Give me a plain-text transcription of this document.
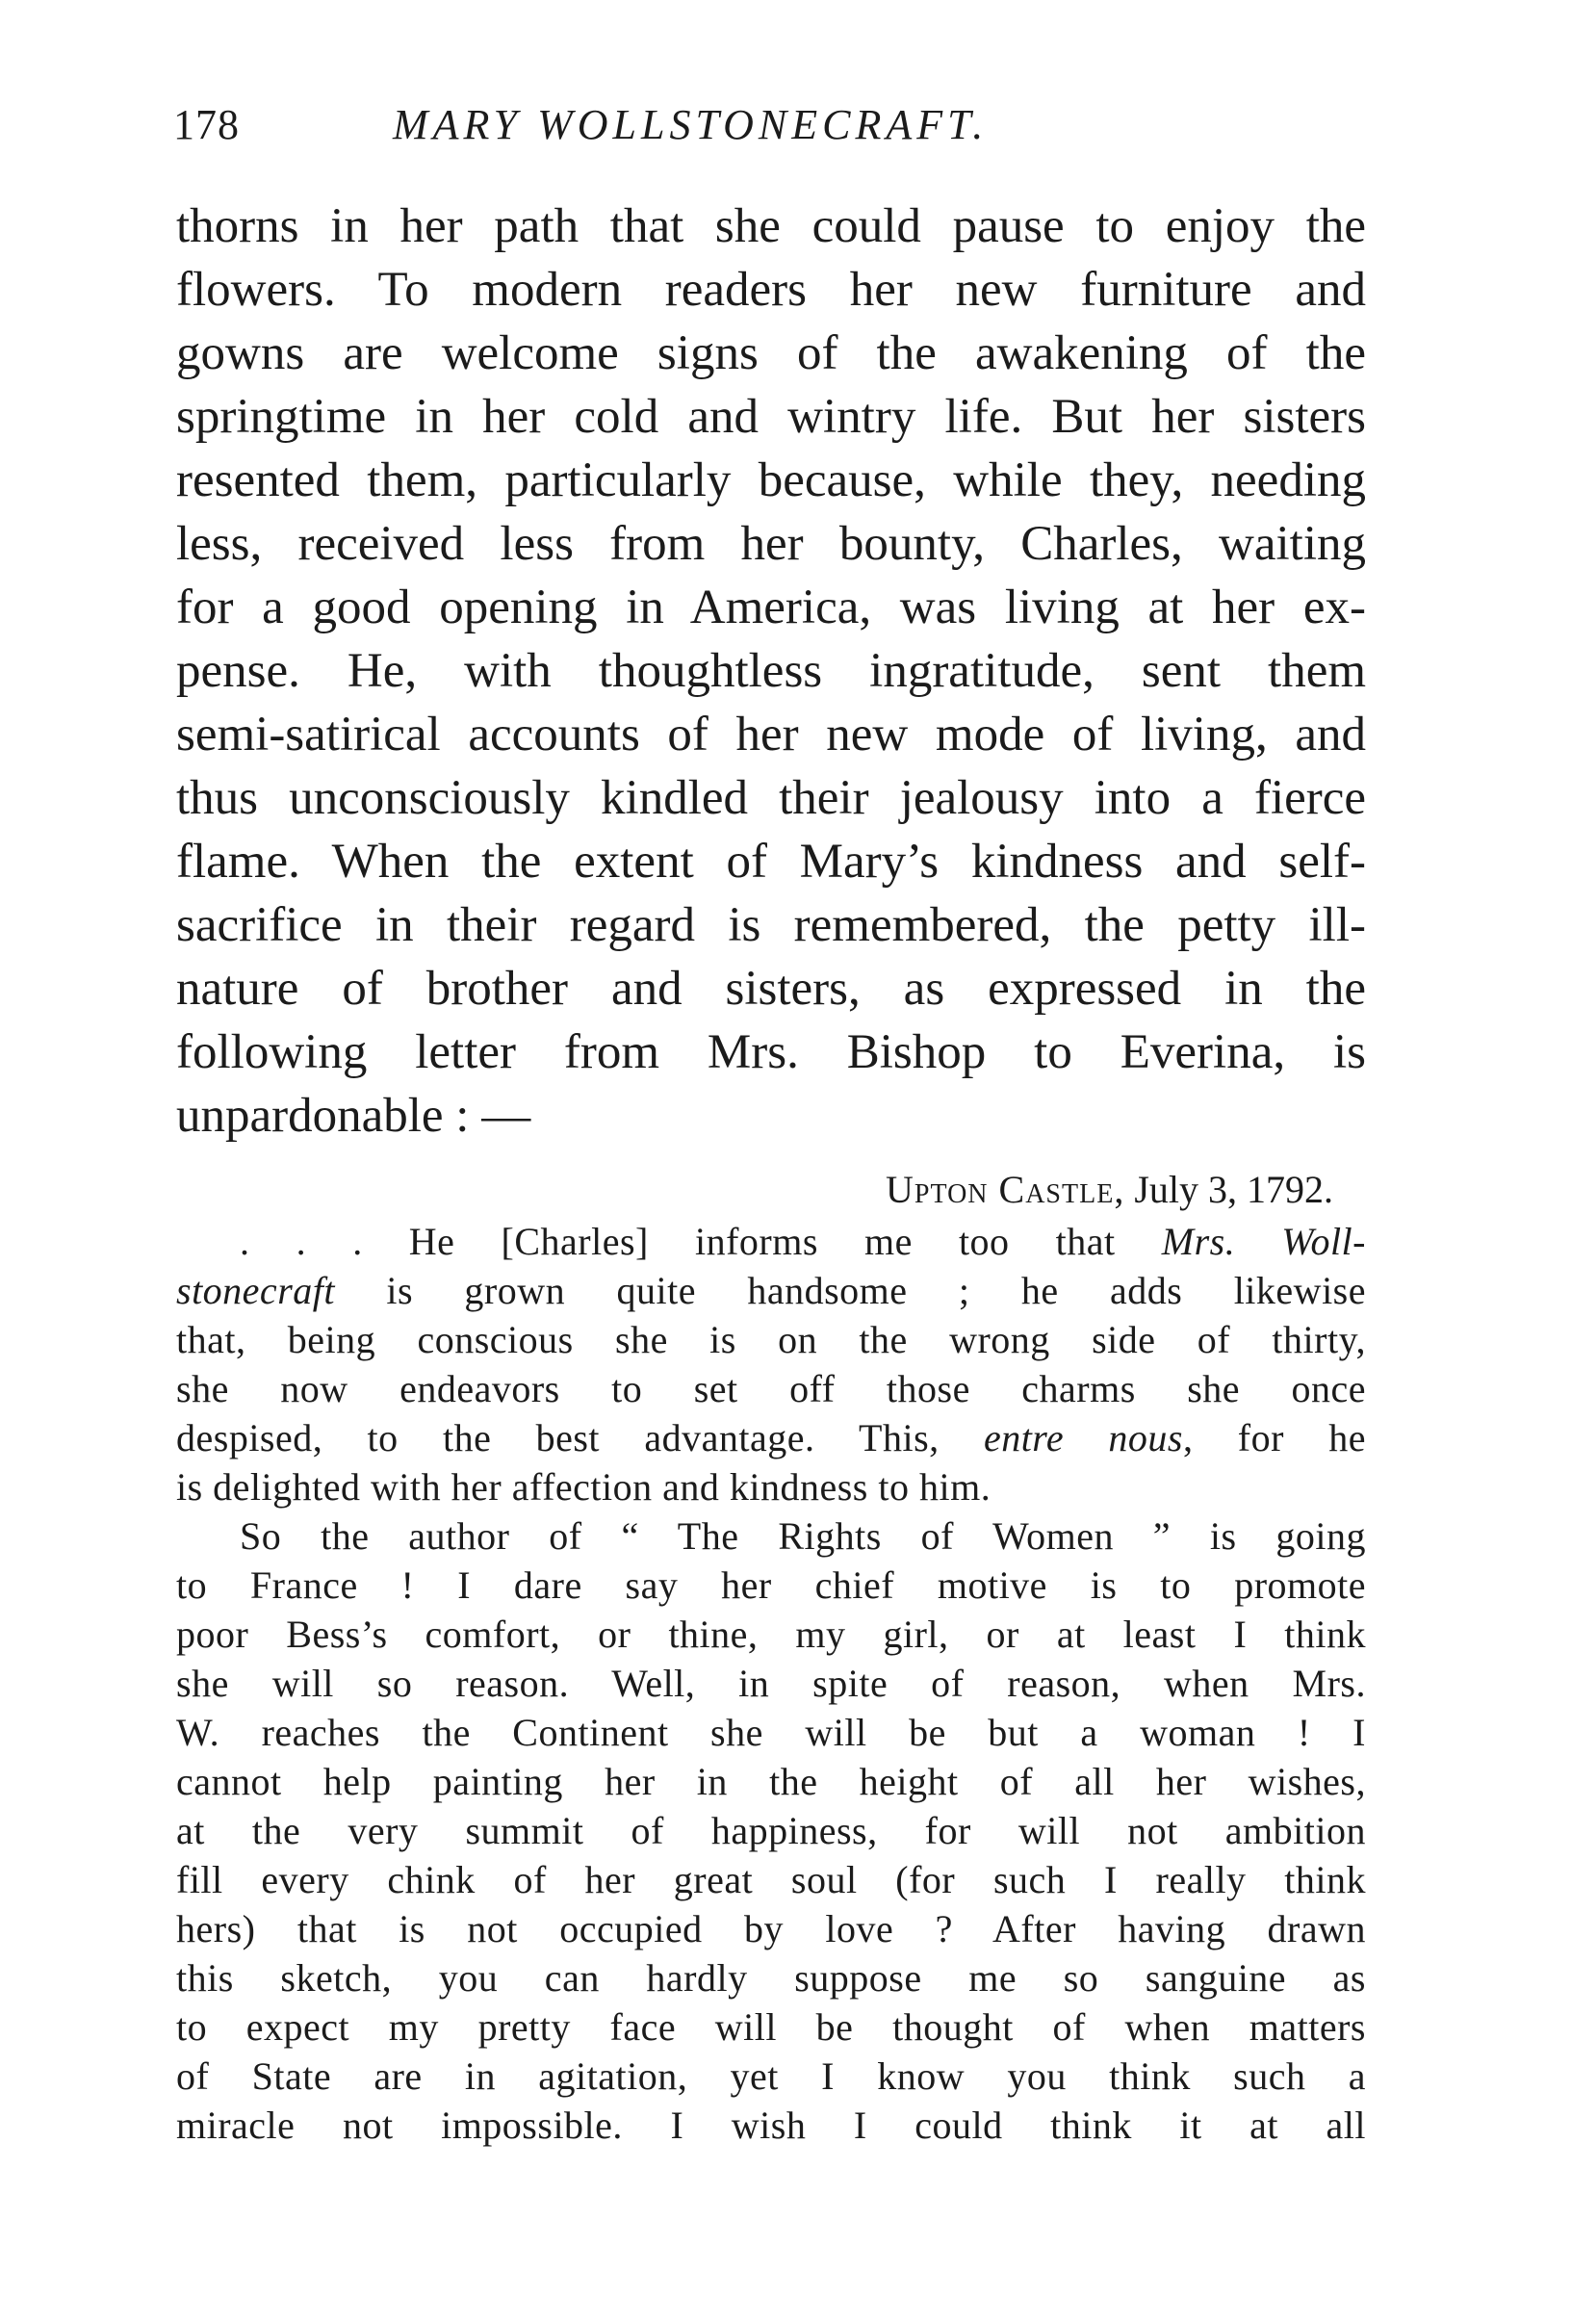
178	MARY WOLLSTONECRAFT.
thorns in her path that she could pause to enjoy the
flowers. To modern readers her new furniture and
gowns are welcome signs of the awakening of the
springtime in her cold and wintry life. But her sisters
resented them, particularly because, while they, needing
less, received less from her bounty, Charles, waiting
for a good opening in America, was living at her ex-
pense. He, with thoughtless ingratitude, sent them
semi-satirical accounts of her new mode of living, and
thus unconsciously kindled their jealousy into a fierce
flame. When the extent of Mary’s kindness and self-
sacrifice in their regard is remembered, the petty ill-
nature of brother and sisters, as expressed in the
following letter from Mrs. Bishop to Everina, is
unpardonable : —
Upton Castle, July 3, 1792.
. . . He [Charles] informs me too that Mrs. Woll-
stonecraft is grown quite handsome ; he adds likewise
that, being conscious she is on the wrong side of thirty,
she now endeavors to set off those charms she once
despised, to the best advantage. This, entre nous, for he
is delighted with her affection and kindness to him.
So the author of “ The Rights of Women ” is going
to France ! I dare say her chief motive is to promote
poor Bess’s comfort, or thine, my girl, or at least I think
she will so reason. Well, in spite of reason, when Mrs.
W. reaches the Continent she will be but a woman ! I
cannot help painting her in the height of all her wishes,
at the very summit of happiness, for will not ambition
fill every chink of her great soul (for such I really think
hers) that is not occupied by love ? After having drawn
this sketch, you can hardly suppose me so sanguine as
to expect my pretty face will be thought of when matters
of State are in agitation, yet I know you think such a
miracle not impossible. I wish I could think it at all
